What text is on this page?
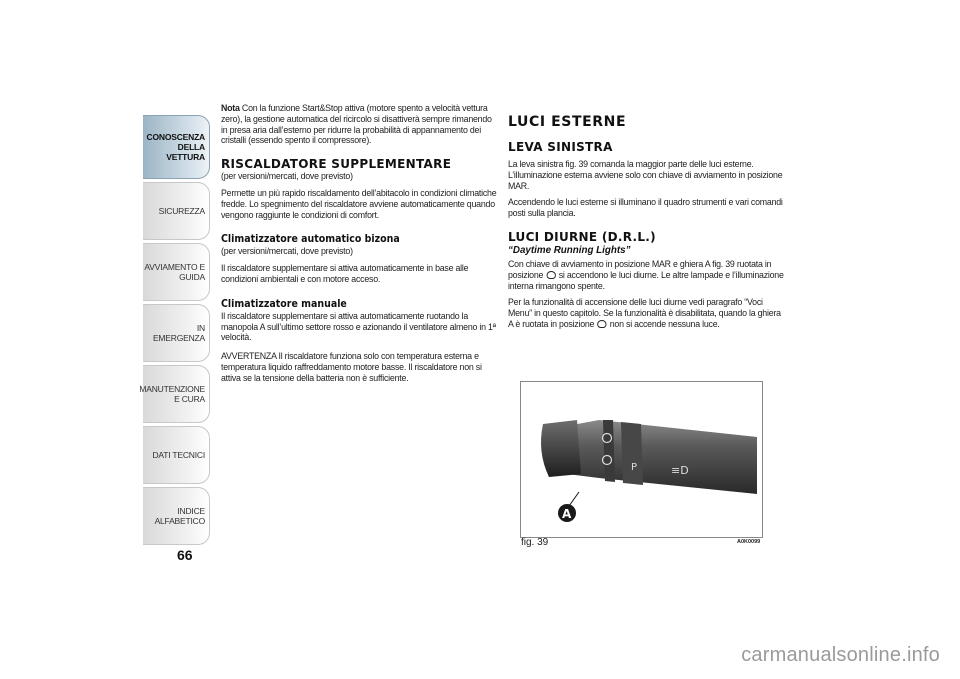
CONOSCENZA DELLA VETTURA
SICUREZZA
AVVIAMENTO E GUIDA
IN EMERGENZA
MANUTENZIONE E CURA
DATI TECNICI
INDICE ALFABETICO
66

Nota Con la funzione Start&Stop attiva (motore spento a velocità vettura zero), la gestione automatica del ricircolo si disattiverà sempre rimanendo in presa aria dall’esterno per ridurre la probabilità di appannamento dei cristalli (essendo spento il compressore).

RISCALDATORE SUPPLEMENTARE

(per versioni/mercati, dove previsto)

Permette un più rapido riscaldamento dell’abitacolo in condizioni climatiche fredde. Lo spegnimento del riscaldatore avviene automaticamente quando vengono raggiunte le condizioni di comfort.

Climatizzatore automatico bizona

(per versioni/mercati, dove previsto)

Il riscaldatore supplementare si attiva automaticamente in base alle condizioni ambientali e con motore acceso.

Climatizzatore manuale

Il riscaldatore supplementare si attiva automaticamente ruotando la manopola A sull’ultimo settore rosso e azionando il ventilatore almeno in 1ª velocità.

AVVERTENZA Il riscaldatore funziona solo con temperatura esterna e temperatura liquido raffreddamento motore basse. Il riscaldatore non si attiva se la tensione della batteria non è sufficiente.

LUCI ESTERNE
LEVA SINISTRA

La leva sinistra fig. 39 comanda la maggior parte delle luci esterne. L’illuminazione esterna avviene solo con chiave di avviamento in posizione MAR.

Accendendo le luci esterne si illuminano il quadro strumenti e vari comandi posti sulla plancia.

LUCI DIURNE (D.R.L.)
“Daytime Running Lights”

Con chiave di avviamento in posizione MAR e ghiera A fig. 39 ruotata in posizione si accendono le luci diurne. Le altre lampade e l’illuminazione interna rimangono spente.

Per la funzionalità di accensione delle luci diurne vedi paragrafo “Voci Menu” in questo capitolo. Se la funzionalità è disabilitata, quando la ghiera A è ruotata in posizione non si accende nessuna luce.

P	≡D
A
fig. 39	A0K0099
carmanualsonline.info
